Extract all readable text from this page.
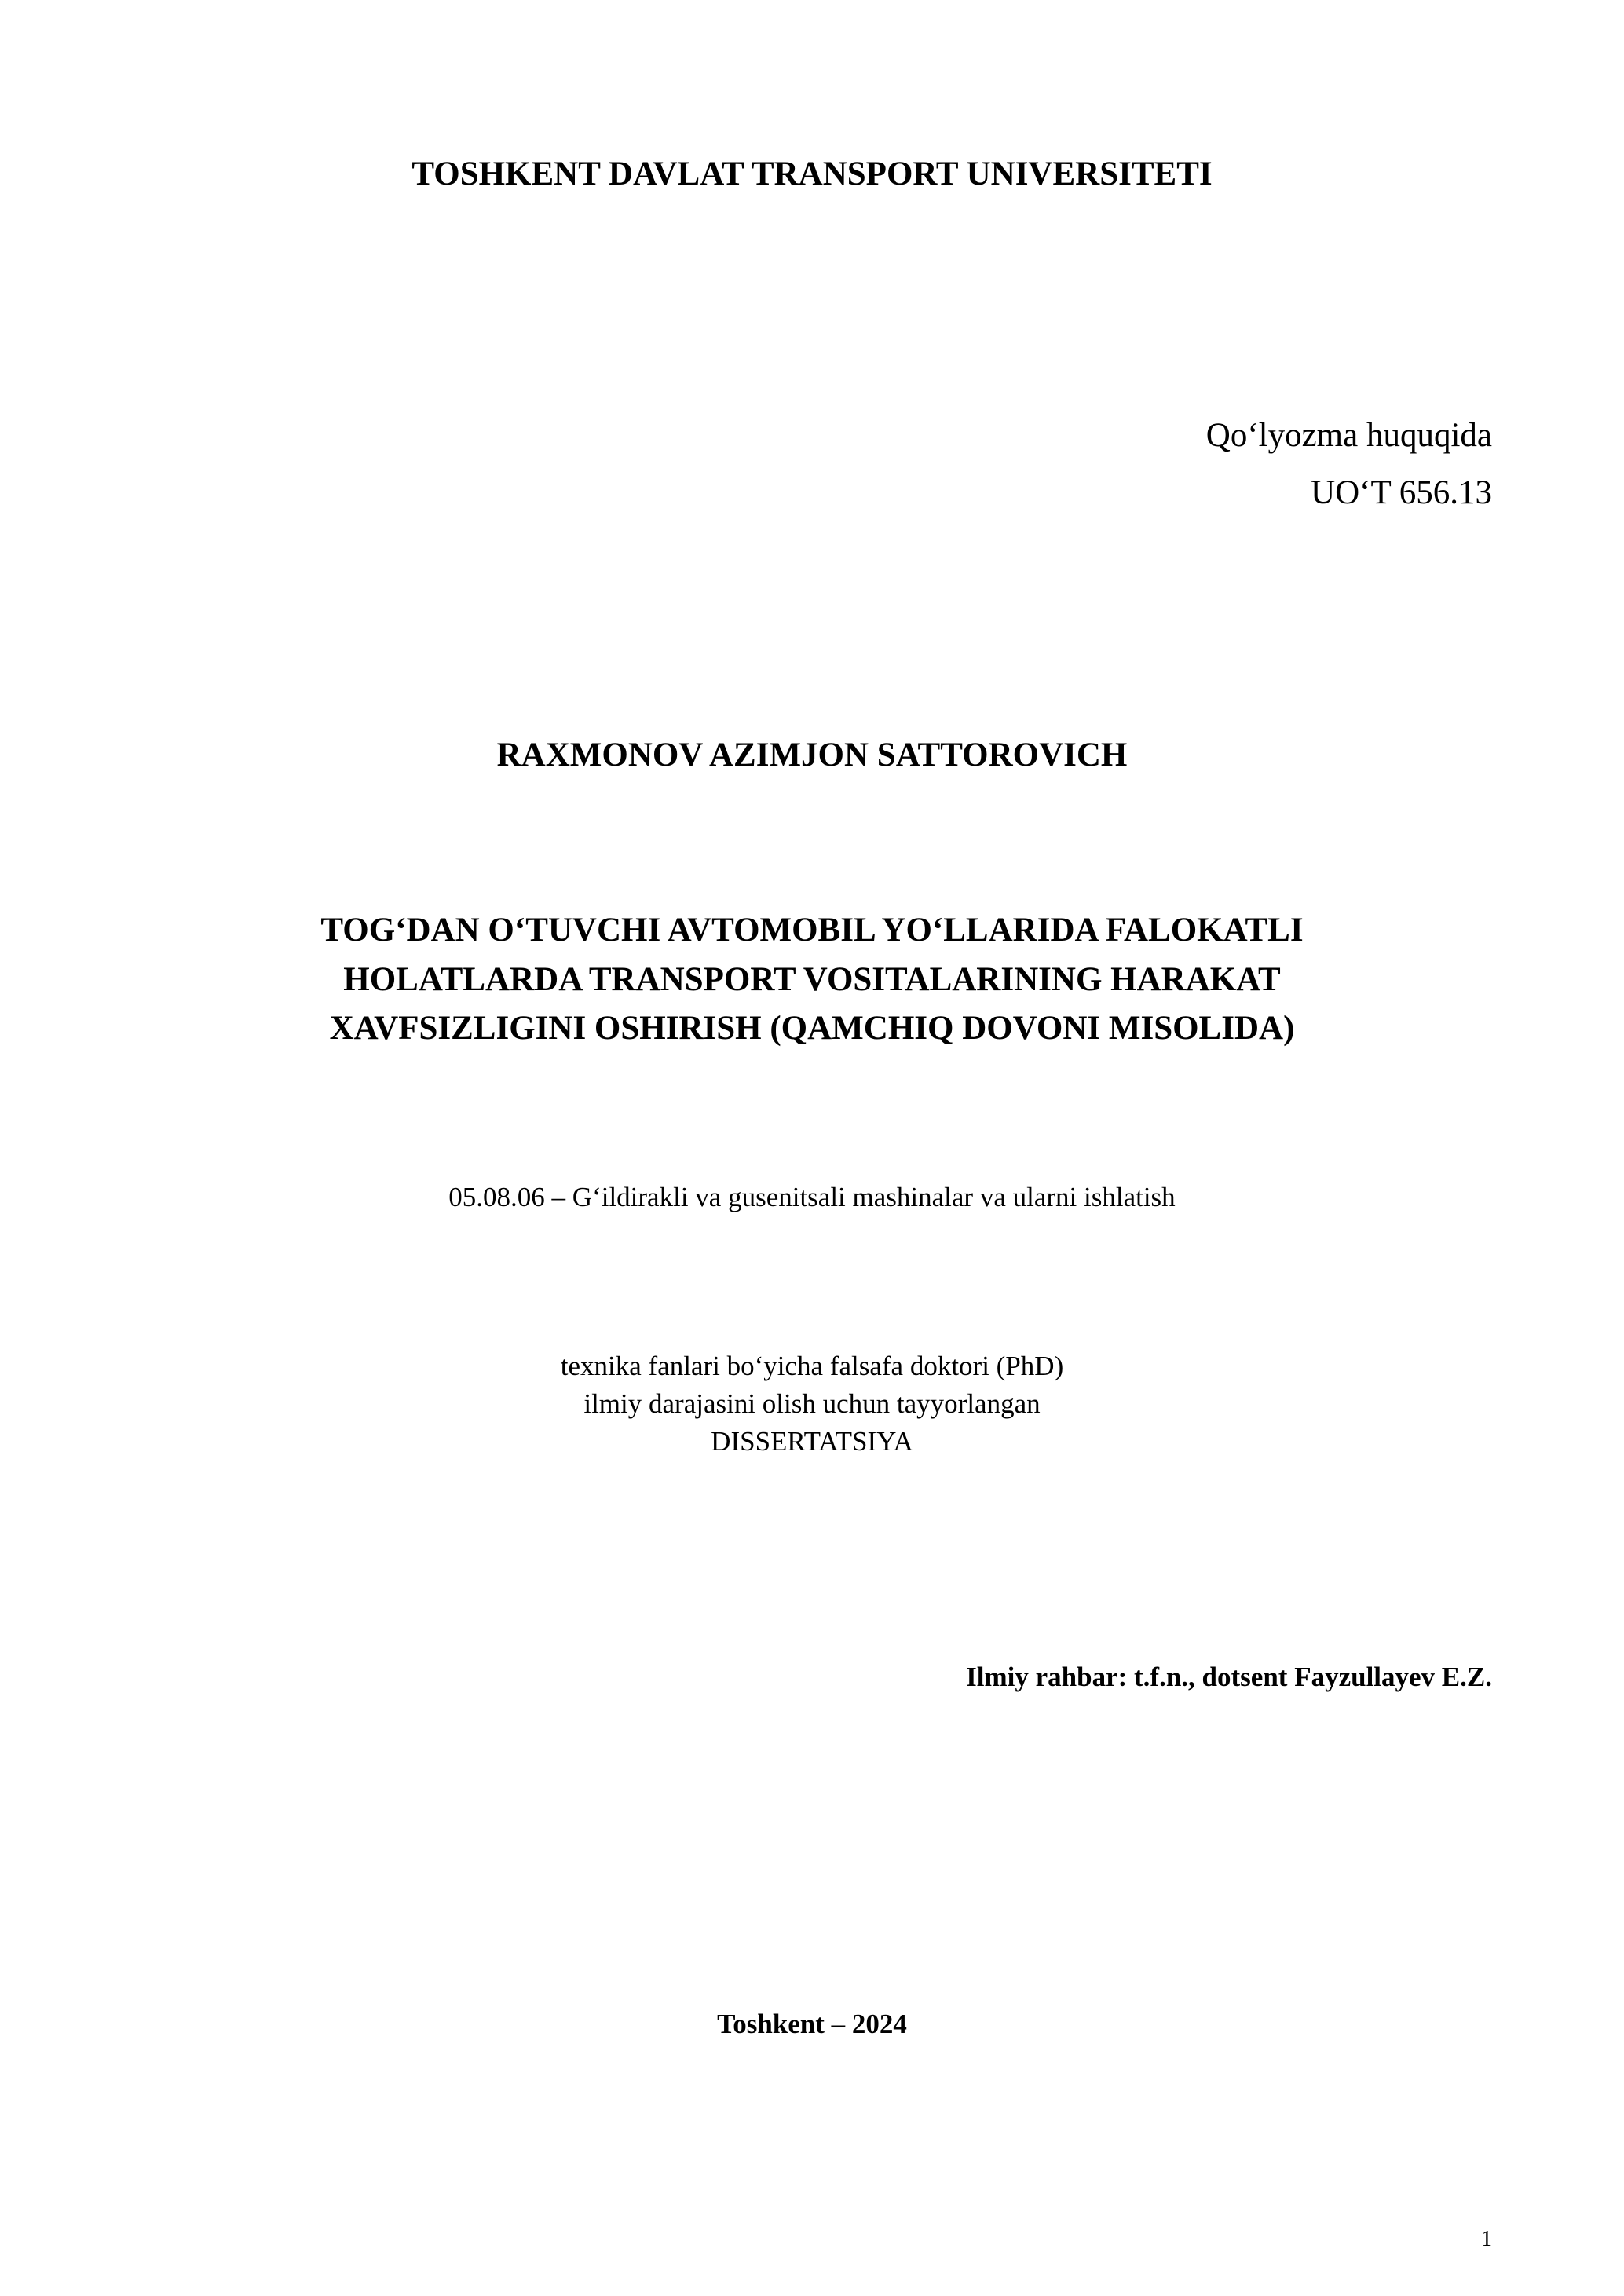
TOSHKENT DAVLAT TRANSPORT UNIVERSITETI
Qo‘lyozma huquqida
UO‘T 656.13
RAXMONOV AZIMJON SATTOROVICH
TOG‘DAN O‘TUVCHI AVTOMOBIL YO‘LLARIDA FALOKATLI
HOLATLARDA TRANSPORT VOSITALARINING HARAKAT
XAVFSIZLIGINI OSHIRISH (QAMCHIQ DOVONI MISOLIDA)
05.08.06 – G‘ildirakli va gusenitsali mashinalar va ularni ishlatish
texnika fanlari bo‘yicha falsafa doktori (PhD)
ilmiy darajasini olish uchun tayyorlangan
DISSERTATSIYA
Ilmiy rahbar: t.f.n., dotsent Fayzullayev E.Z.
Toshkent – 2024
1
